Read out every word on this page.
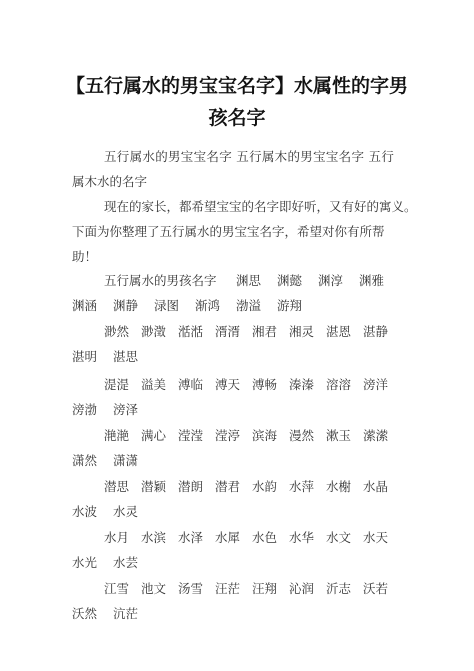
【五行属水的男宝宝名字】水属性的字男
孩名字
五行属水的男宝宝名字 五行属木的男宝宝名字 五行
属木水的名字
现在的家长，都希望宝宝的名字即好听，又有好的寓义。
下面为你整理了五行属水的男宝宝名字，希望对你有所帮
助！
五行属水的男孩名字	渊思	渊懿	渊淳	渊雅
渊涵	渊静	渌图	渐鸿	渤溢	游翔
渺然 渺澂 湉湉 湑湑 湘君 湘灵 湛恩 湛静
湛明	湛思
湜湜 溢美 溥临 溥天 溥畅 溱溱 溶溶 滂洋
滂渤	滂泽
滟滟 满心 滢滢 滢渟 滨海 漫然 漱玉 潆潆
潇然	潇潇
潜思 潜颖 潜朗 潜君 水韵 水萍 水榭 水晶
水波	水灵
水月 水滨 水泽 水犀 水色 水华 水文 水天
水光	水芸
江雪 池文 汤雪 汪茫 汪翔 沁润 沂志 沃若
沃然	沆茫
